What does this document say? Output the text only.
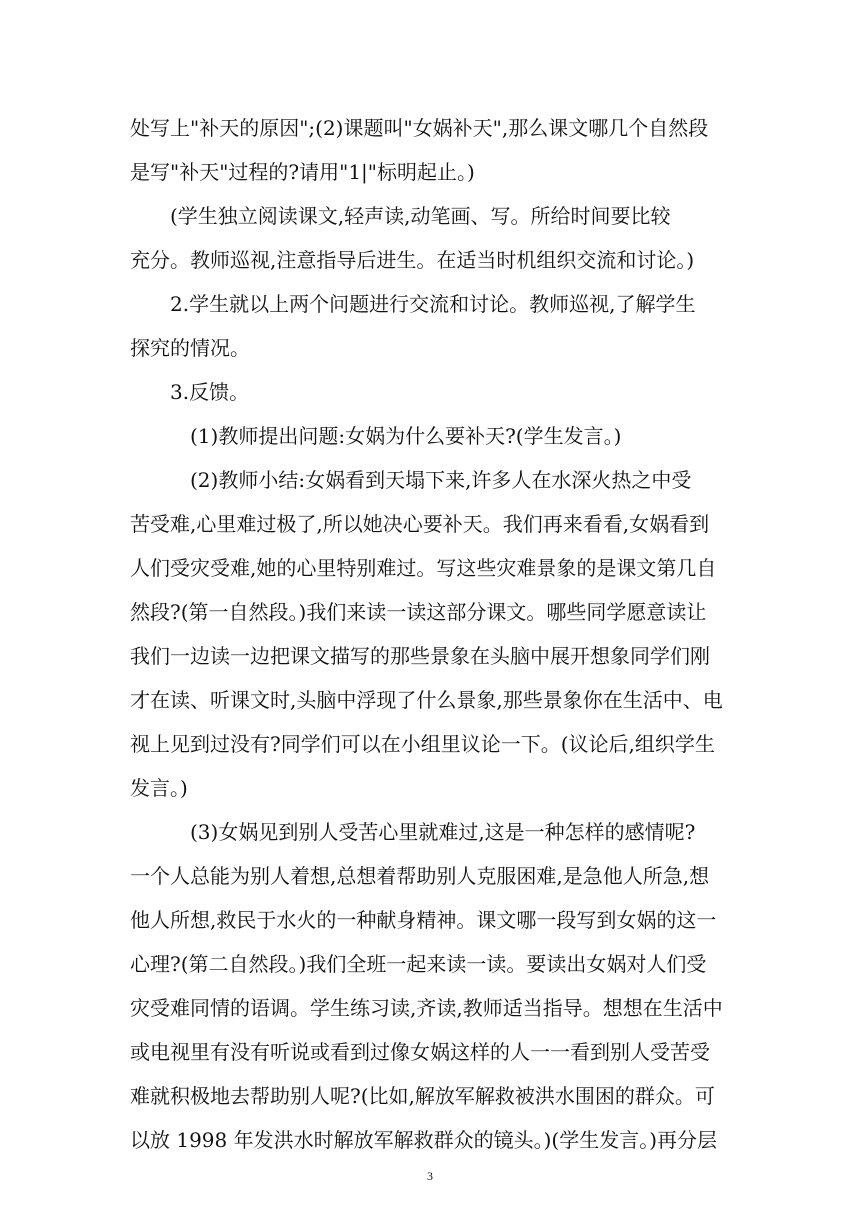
处写上"补天的原因";(2)课题叫"女娲补天",那么课文哪几个自然段
是写"补天"过程的?请用"1|"标明起止。)
　　(学生独立阅读课文,轻声读,动笔画、写。所给时间要比较
充分。教师巡视,注意指导后进生。在适当时机组织交流和讨论。)
　　2.学生就以上两个问题进行交流和讨论。教师巡视,了解学生
探究的情况。
　　3.反馈。
　　　(1)教师提出问题:女娲为什么要补天?(学生发言。)
　　　(2)教师小结:女娲看到天塌下来,许多人在水深火热之中受
苦受难,心里难过极了,所以她决心要补天。我们再来看看,女娲看到
人们受灾受难,她的心里特别难过。写这些灾难景象的是课文第几自
然段?(第一自然段。)我们来读一读这部分课文。哪些同学愿意读让
我们一边读一边把课文描写的那些景象在头脑中展开想象同学们刚
才在读、听课文时,头脑中浮现了什么景象,那些景象你在生活中、电
视上见到过没有?同学们可以在小组里议论一下。(议论后,组织学生
发言。)
　　　(3)女娲见到别人受苦心里就难过,这是一种怎样的感情呢?
一个人总能为别人着想,总想着帮助别人克服困难,是急他人所急,想
他人所想,救民于水火的一种献身精神。课文哪一段写到女娲的这一
心理?(第二自然段。)我们全班一起来读一读。要读出女娲对人们受
灾受难同情的语调。学生练习读,齐读,教师适当指导。想想在生活中
或电视里有没有听说或看到过像女娲这样的人一一看到别人受苦受
难就积极地去帮助别人呢?(比如,解放军解救被洪水围困的群众。可
以放 1998 年发洪水时解放军解救群众的镜头。)(学生发言。)再分层
3
